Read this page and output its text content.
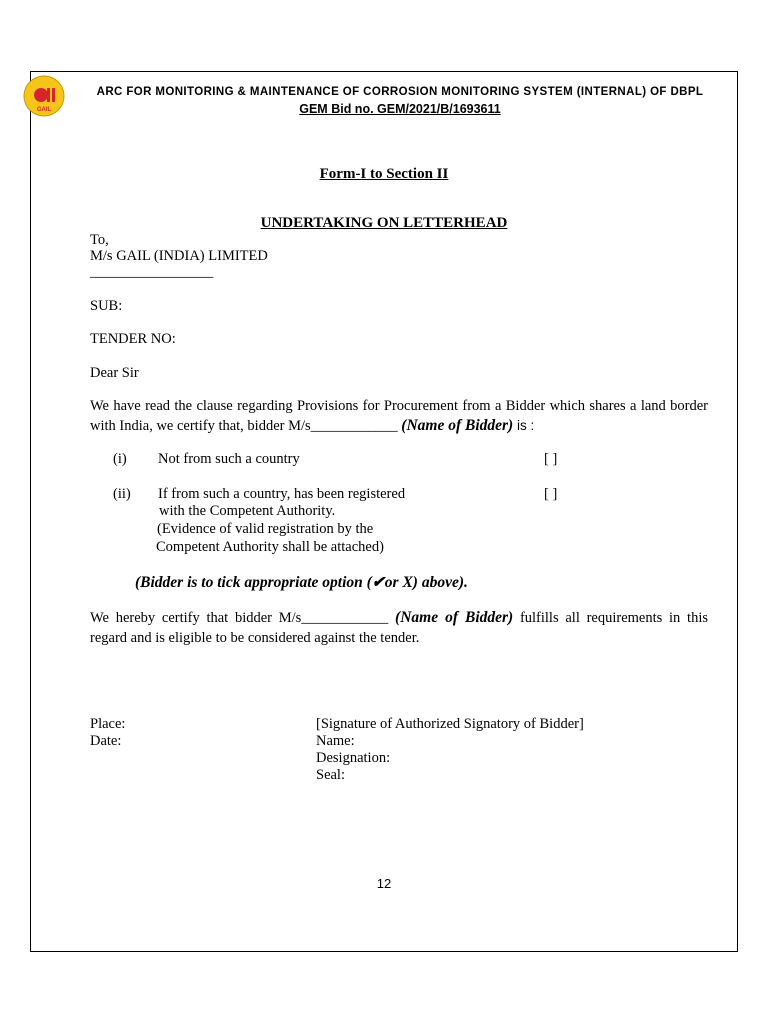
GAIL
ARC FOR MONITORING & MAINTENANCE OF CORROSION MONITORING SYSTEM (INTERNAL) OF DBPL
GEM Bid no. GEM/2021/B/1693611
Form-I to Section II
UNDERTAKING ON LETTERHEAD
To,
M/s GAIL (INDIA) LIMITED
_________________
SUB:
TENDER NO:
Dear Sir
We have read the clause regarding Provisions for Procurement from a Bidder which shares a land border with India, we certify that, bidder M/s____________ (Name of Bidder) is :
(i) Not from such a country	[ ]
(ii) If from such a country, has been registered	[ ]
with the Competent Authority.
(Evidence of valid registration by the
Competent Authority shall be attached)
(Bidder is to tick appropriate option (✔or X) above).
We hereby certify that bidder M/s____________ (Name of Bidder) fulfills all requirements in this regard and is eligible to be considered against the tender.
Place:
Date:
[Signature of Authorized Signatory of Bidder]
Name:
Designation:
Seal:
12
